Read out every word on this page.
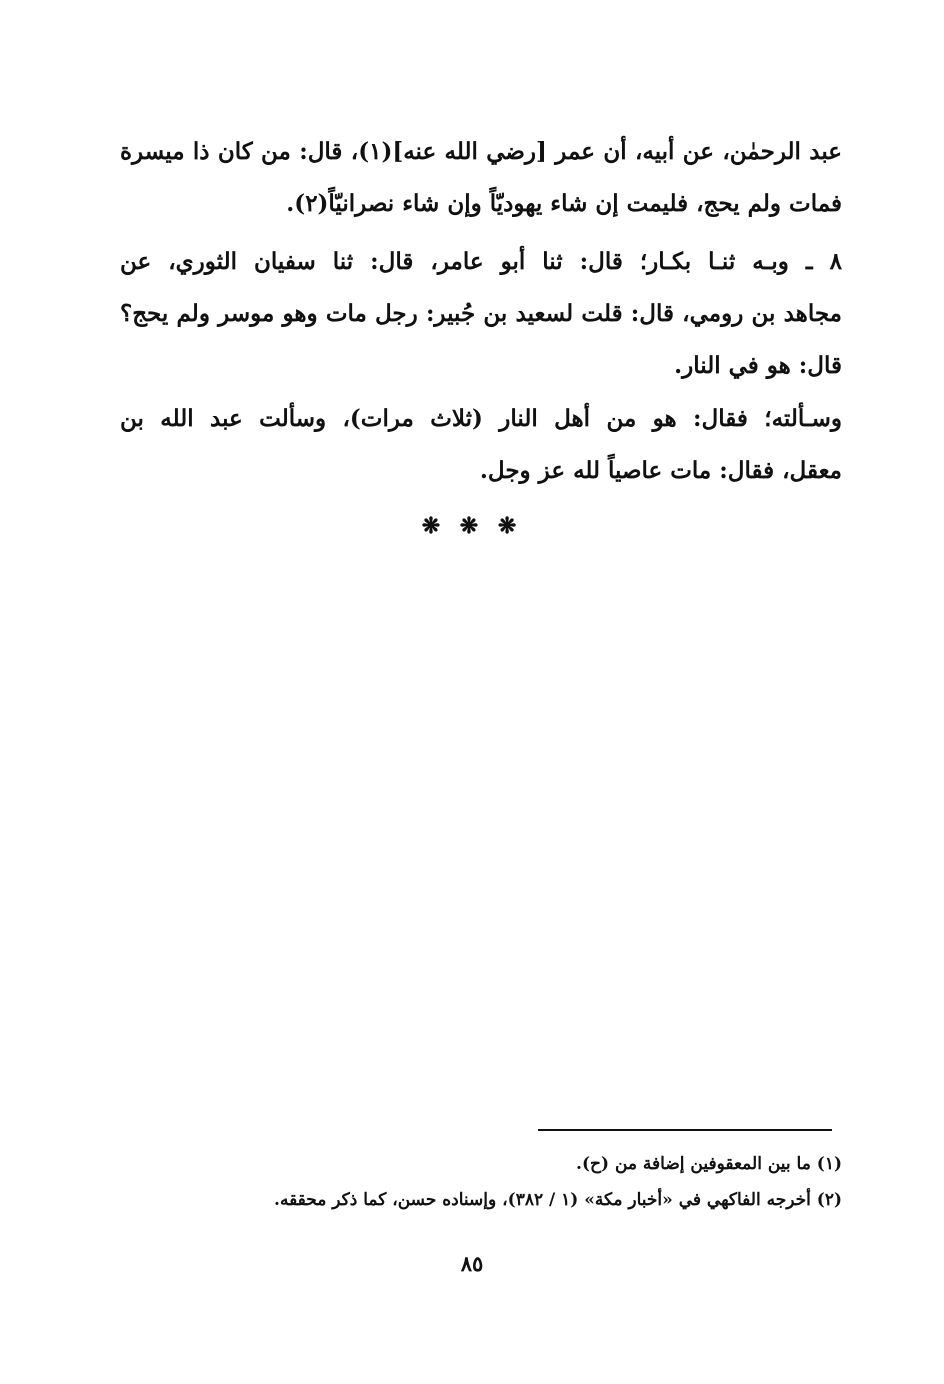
عبد الرحمٰن، عن أبيه، أن عمر [رضي الله عنه](١)، قال: من كان ذا ميسرة
فمات ولم يحج، فليمت إن شاء يهوديّاً وإن شاء نصرانيّاً(٢).
٨ ـ وبـه ثنـا بكـار؛ قال: ثنا أبو عامر، قال: ثنا سفيان الثوري، عن
مجاهد بن رومي، قال: قلت لسعيد بن جُبير: رجل مات وهو موسر ولم يحج؟
قال: هو في النار.
وسـألته؛ فقال: هو من أهل النار (ثلاث مرات)، وسألت عبد الله بن
معقل، فقال: مات عاصياً لله عز وجل.
❋ ❋ ❋
(١) ما بين المعقوفين إضافة من (ح).
(٢) أخرجه الفاكهي في «أخبار مكة» (١ / ٣٨٢)، وإسناده حسن، كما ذكر محققه.
٨٥
